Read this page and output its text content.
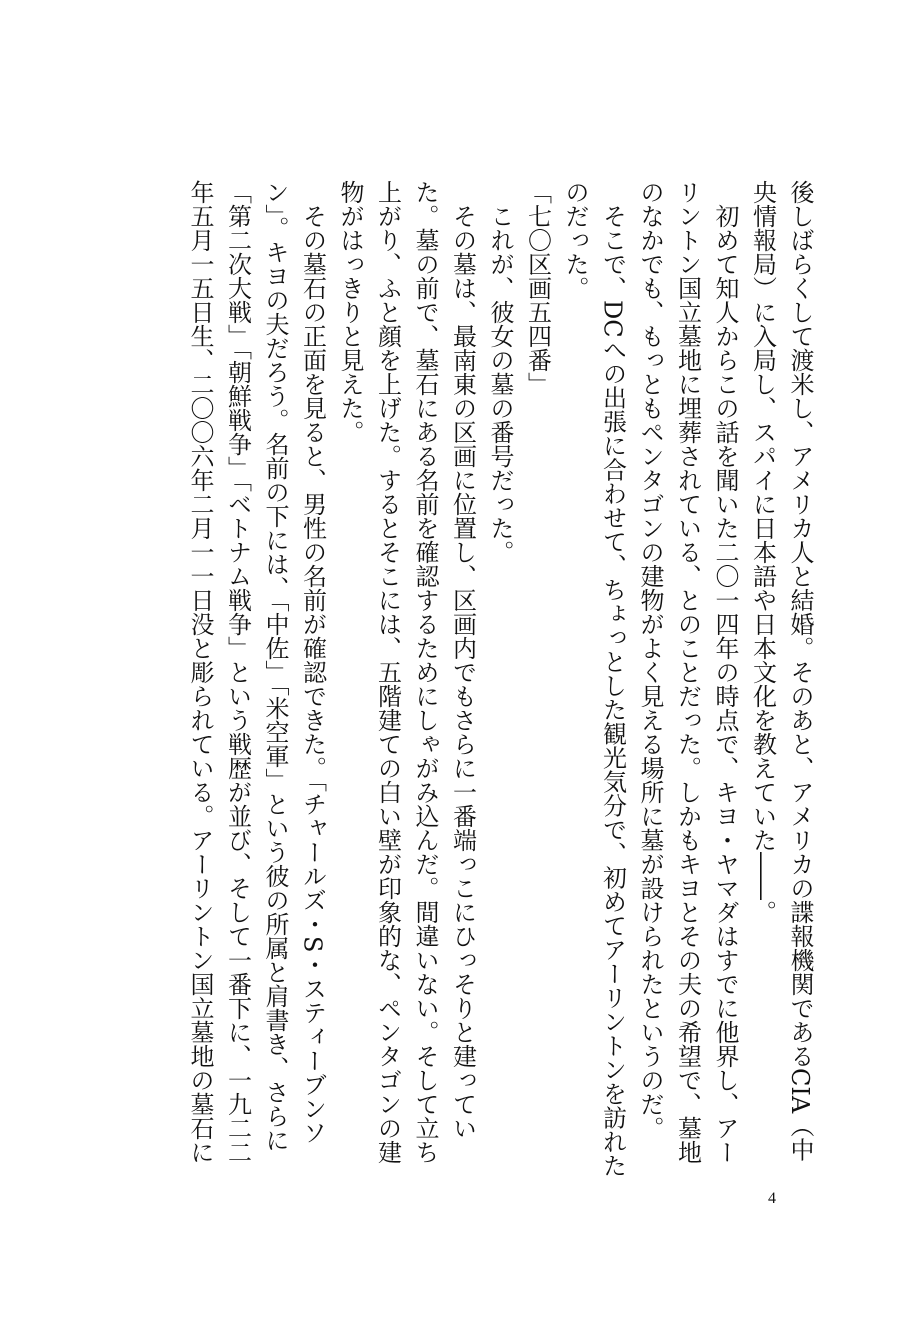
後しばらくして渡米し、アメリカ人と結婚。そのあと、アメリカの諜報機関であるCIA（中央情報局）に入局し、スパイに日本語や日本文化を教えていた――。

初めて知人からこの話を聞いた二〇一四年の時点で、キヨ・ヤマダはすでに他界し、アーリントン国立墓地に埋葬されている、とのことだった。しかもキヨとその夫の希望で、墓地のなかでも、もっともペンタゴンの建物がよく見える場所に墓が設けられたというのだ。

そこで、DCへの出張に合わせて、ちょっとした観光気分で、初めてアーリントンを訪れたのだった。

「七〇区画五四番」

これが、彼女の墓の番号だった。

その墓は、最南東の区画に位置し、区画内でもさらに一番端っこにひっそりと建っていた。墓の前で、墓石にある名前を確認するためにしゃがみ込んだ。間違いない。そして立ち上がり、ふと顔を上げた。するとそこには、五階建ての白い壁が印象的な、ペンタゴンの建物がはっきりと見えた。

その墓石の正面を見ると、男性の名前が確認できた。「チャールズ・S・スティーブンソン」。キヨの夫だろう。名前の下には、「中佐」「米空軍」という彼の所属と肩書き、さらに「第二次大戦」「朝鮮戦争」「ベトナム戦争」という戦歴が並び、そして一番下に、一九二二年五月一五日生、二〇〇六年二月一一日没と彫られている。アーリントン国立墓地の墓石に

4
